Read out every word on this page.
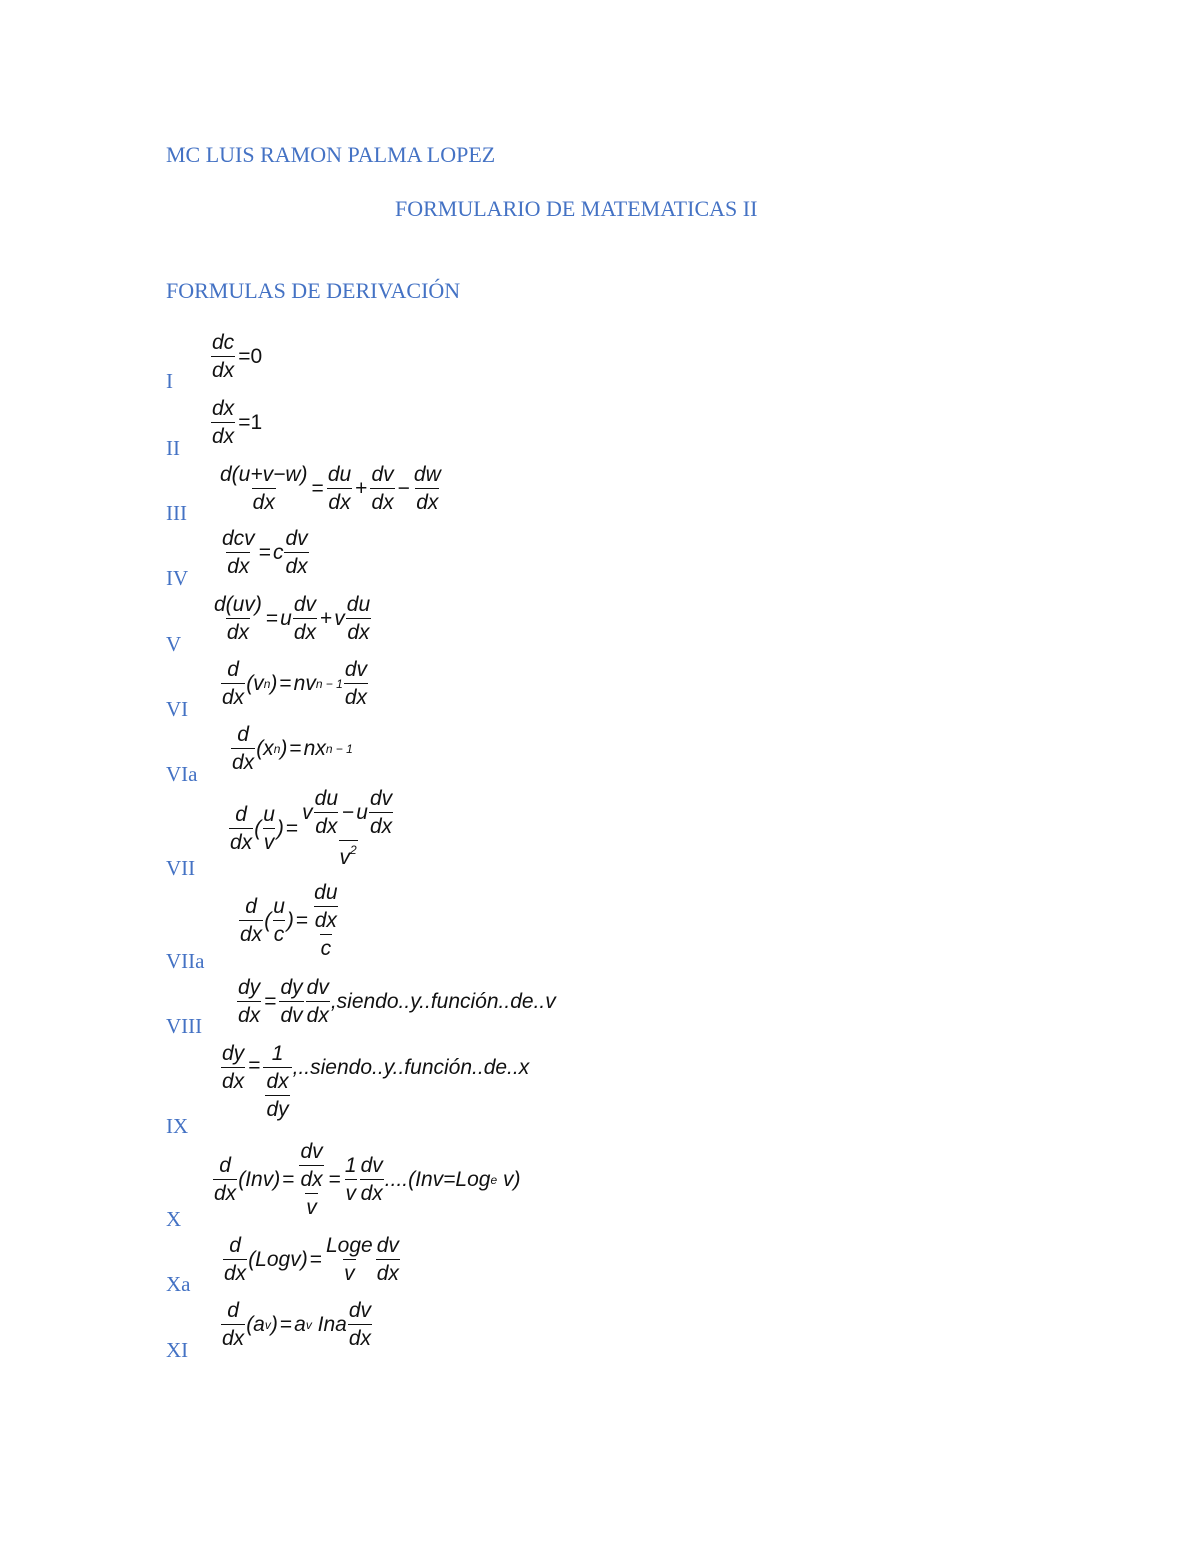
MC LUIS RAMON PALMA LOPEZ
FORMULARIO DE MATEMATICAS II
FORMULAS DE DERIVACIÓN
I $\frac{dc}{dx} =0$
II
$\frac{dx}{dx} =1$
III $\frac{d(u+v-w)}{dx} = \frac{du}{dx} + \frac{dv}{dx} - \frac{dw}{dx}$
IV
$\frac{\text{dcv}}{dx} = c \frac{dv}{dx}$
V
$\frac{d(uv)}{dx} = u \frac{dv}{dx} + v \frac{du}{dx}$
VI
$\frac{d}{dx} (v$ n ) = nv $n - 1 \frac{dv}{dx}$
VIa
$\frac{d}{dx} (x$ n ) = nx n − 1
VII
$\frac{d}{dx}$ ( $\frac{u}{v}$ ) = $\frac{v \frac{du}{dx} - u \frac{dv}{dx}}{v^2}$
VIIa
$\frac{d}{dx}$ ( $\frac{u}{c}$ ) = $\frac{\frac{du}{dx}}{c}$
VIII $\frac{dy}{dx} = \frac{dy}{dv} \frac{dv}{dx}$ ,siendo..y..función..de..v
IX
$\frac{dy}{dx} = \frac{1}{\frac{dx}{dy}}$ ,..siendo..y..función..de..x
X
$\frac{d}{dx} (Inv) = \frac{\frac{dv}{dx}}{v} = \frac{1}{v} \frac{dv}{dx} ....(Inv=Log$ e
v)
Xa $\frac{d}{dx}$ (Logv) = $\frac{\text{Loge}}{v} \frac{dv}{dx}$
XI
$\frac{d}{dx} (a$ v ) = a v Ina $\frac{dv}{dx}$
